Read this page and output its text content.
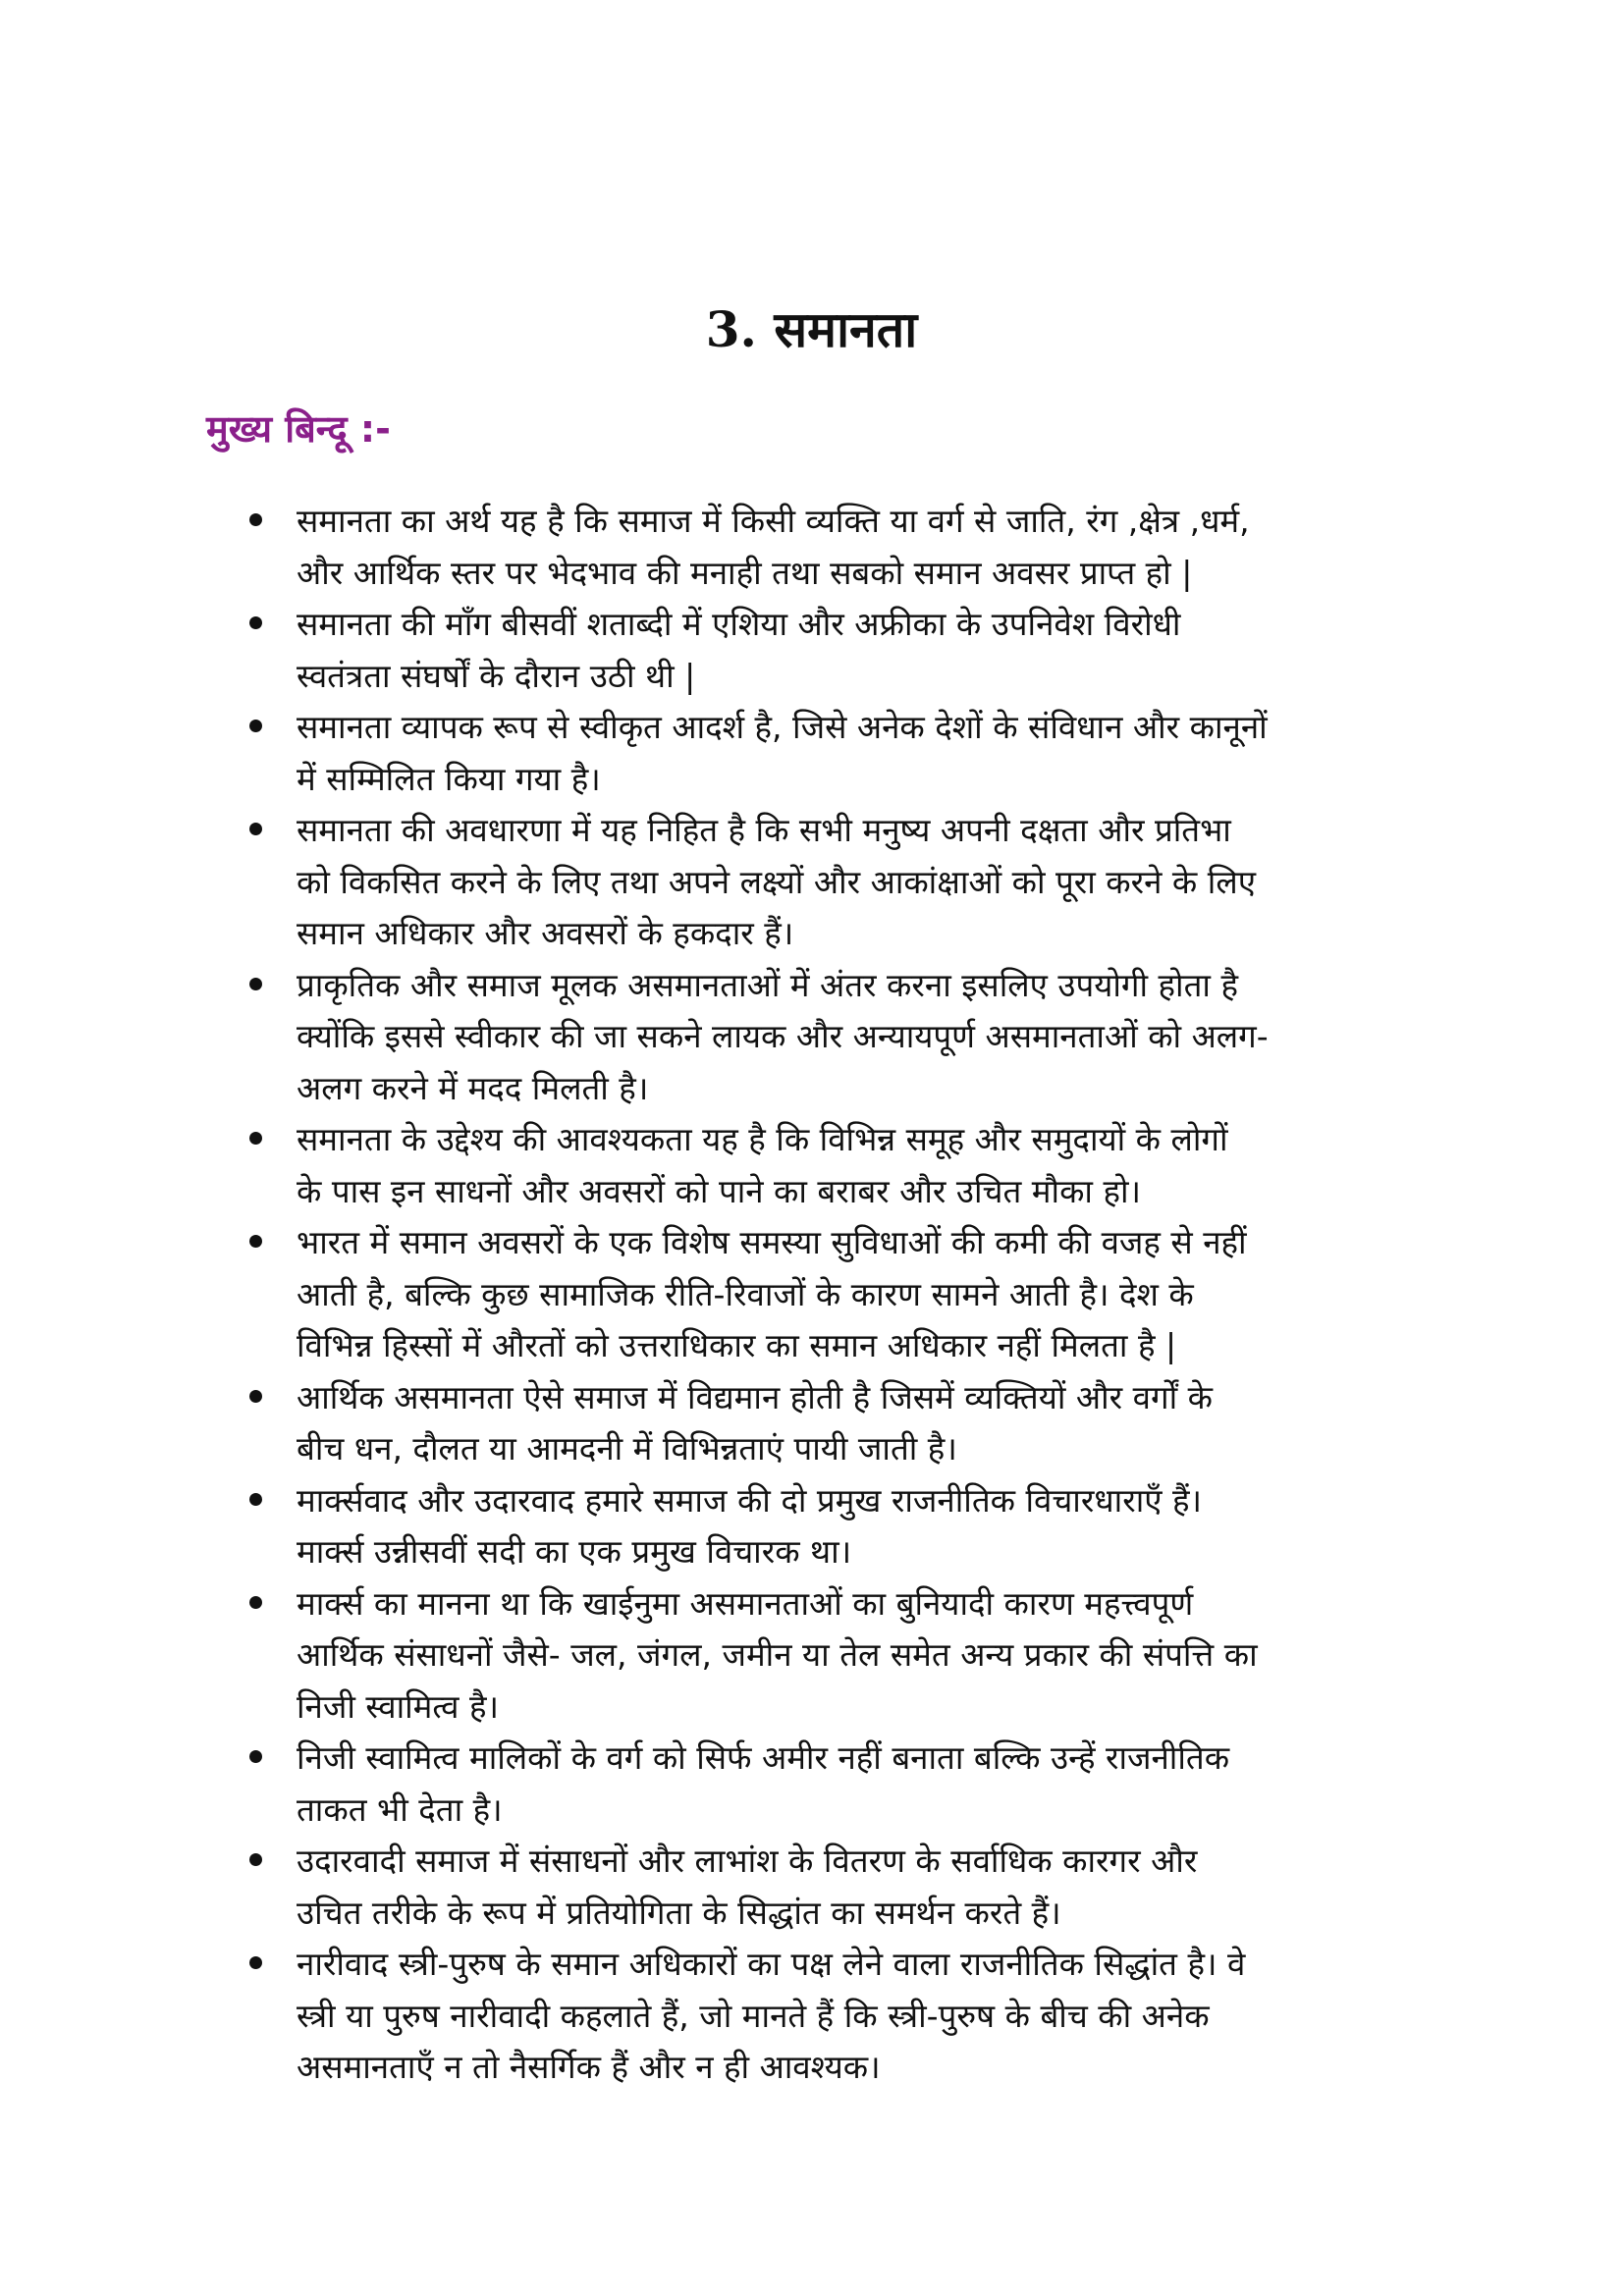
3. समानता
मुख्य बिन्दू :-
समानता का अर्थ यह है कि समाज में किसी व्यक्ति या वर्ग से जाति, रंग ,क्षेत्र ,धर्म,
और आर्थिक स्तर पर भेदभाव की मनाही तथा सबको समान अवसर प्राप्त हो |
समानता की माँग बीसवीं शताब्दी में एशिया और अफ्रीका के उपनिवेश विरोधी
स्वतंत्रता संघर्षों के दौरान उठी थी |
समानता व्यापक रूप से स्वीकृत आदर्श है, जिसे अनेक देशों के संविधान और कानूनों
में सम्मिलित किया गया है।
समानता की अवधारणा में यह निहित है कि सभी मनुष्य अपनी दक्षता और प्रतिभा
को विकसित करने के लिए तथा अपने लक्ष्यों और आकांक्षाओं को पूरा करने के लिए
समान अधिकार और अवसरों के हकदार हैं।
प्राकृतिक और समाज मूलक असमानताओं में अंतर करना इसलिए उपयोगी होता है
क्योंकि इससे स्वीकार की जा सकने लायक और अन्यायपूर्ण असमानताओं को अलग-
अलग करने में मदद मिलती है।
समानता के उद्देश्य की आवश्यकता यह है कि विभिन्न समूह और समुदायों के लोगों
के पास इन साधनों और अवसरों को पाने का बराबर और उचित मौका हो।
भारत में समान अवसरों के एक विशेष समस्या सुविधाओं की कमी की वजह से नहीं
आती है, बल्कि कुछ सामाजिक रीति-रिवाजों के कारण सामने आती है। देश के
विभिन्न हिस्सों में औरतों को उत्तराधिकार का समान अधिकार नहीं मिलता है |
आर्थिक असमानता ऐसे समाज में विद्यमान होती है जिसमें व्यक्तियों और वर्गों के
बीच धन, दौलत या आमदनी में विभिन्नताएं पायी जाती है।
मार्क्सवाद और उदारवाद हमारे समाज की दो प्रमुख राजनीतिक विचारधाराएँ हैं।
मार्क्स उन्नीसवीं सदी का एक प्रमुख विचारक था।
मार्क्स का मानना था कि खाईनुमा असमानताओं का बुनियादी कारण महत्त्वपूर्ण
आर्थिक संसाधनों जैसे- जल, जंगल, जमीन या तेल समेत अन्य प्रकार की संपत्ति का
निजी स्वामित्व है।
निजी स्वामित्व मालिकों के वर्ग को सिर्फ अमीर नहीं बनाता बल्कि उन्हें राजनीतिक
ताकत भी देता है।
उदारवादी समाज में संसाधनों और लाभांश के वितरण के सर्वाधिक कारगर और
उचित तरीके के रूप में प्रतियोगिता के सिद्धांत का समर्थन करते हैं।
नारीवाद स्त्री-पुरुष के समान अधिकारों का पक्ष लेने वाला राजनीतिक सिद्धांत है। वे
स्त्री या पुरुष नारीवादी कहलाते हैं, जो मानते हैं कि स्त्री-पुरुष के बीच की अनेक
असमानताएँ न तो नैसर्गिक हैं और न ही आवश्यक।
